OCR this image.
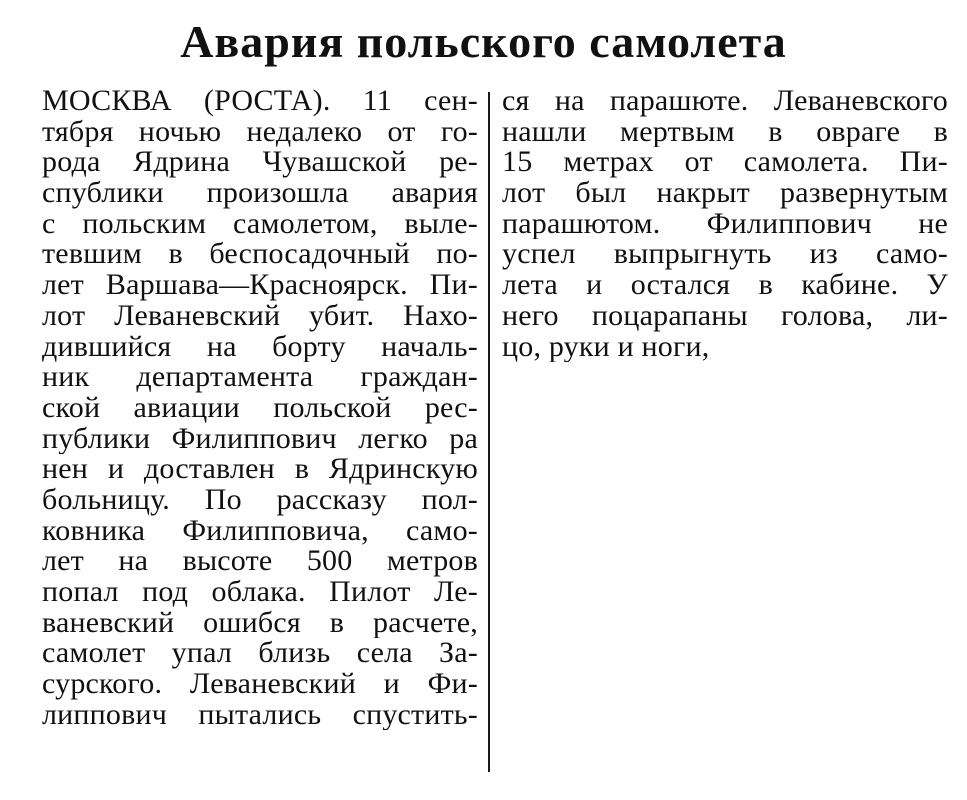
Авария польского самолета
МОСКВА (РОСТА). 11 сен-
тября ночью недалеко от го-
рода Ядрина Чувашской ре-
спублики произошла авария
с польским самолетом, выле-
тевшим в беспосадочный по-
лет Варшава—Красноярск. Пи-
лот Леваневский убит. Нахо-
дившийся на борту началь-
ник департамента граждан-
ской авиации польской рес-
публики Филиппович легко ра
нен и доставлен в Ядринскую
больницу. По рассказу пол-
ковника Филипповича, само-
лет на высоте 500 метров
попал под облака. Пилот Ле-
ваневский ошибся в расчете,
самолет упал близь села За-
сурского. Леваневский и Фи-
липпович пытались спустить-
ся на парашюте. Леваневского
нашли мертвым в овраге в
15 метрах от самолета. Пи-
лот был накрыт развернутым
парашютом. Филиппович не
успел выпрыгнуть из само-
лета и остался в кабине. У
него поцарапаны голова, ли-
цо, руки и ноги,
